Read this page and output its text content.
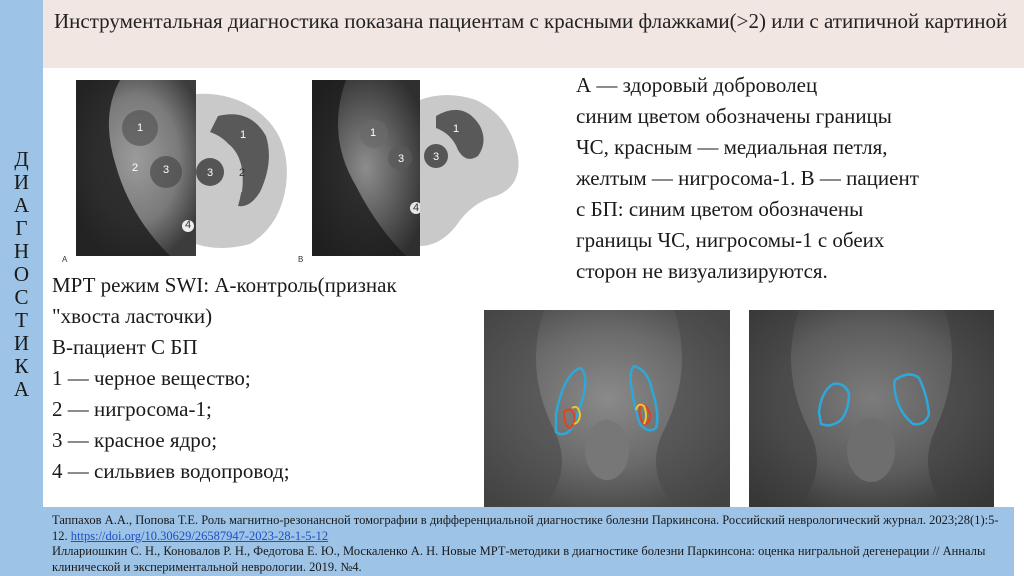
Д
И
А
Г
Н
О
С
Т
И
К
А
Инструментальная диагностика показана пациентам с красными флажками(>2) или с атипичной картиной
1
2 3
4
1
3 2
А
1
3
4
1
3
В
А — здоровый доброволец
синим цветом обозначены границы
ЧС, красным — медиальная петля,
желтым — нигросома-1. В — пациент
с БП: синим цветом обозначены
границы ЧС, нигросомы-1 с обеих
сторон не визуализируются.
МРТ режим SWI: А-контроль(признак
"хвоста ласточки)
В-пациент С БП
1 — черное вещество;
2 — нигросома-1;
3 — красное ядро;
4 — сильвиев водопровод;
Таппахов А.А., Попова Т.Е. Роль магнитно-резонансной томографии в дифференциальной диагностике болезни Паркинсона. Российский неврологический журнал. 2023;28(1):5-12. https://doi.org/10.30629/26587947-2023-28-1-5-12
Иллариошкин С. Н., Коновалов Р. Н., Федотова Е. Ю., Москаленко А. Н. Новые МРТ-методики в диагностике болезни Паркинсона: оценка нигральной дегенерации // Анналы клинической и экспериментальной неврологии. 2019. №4.
